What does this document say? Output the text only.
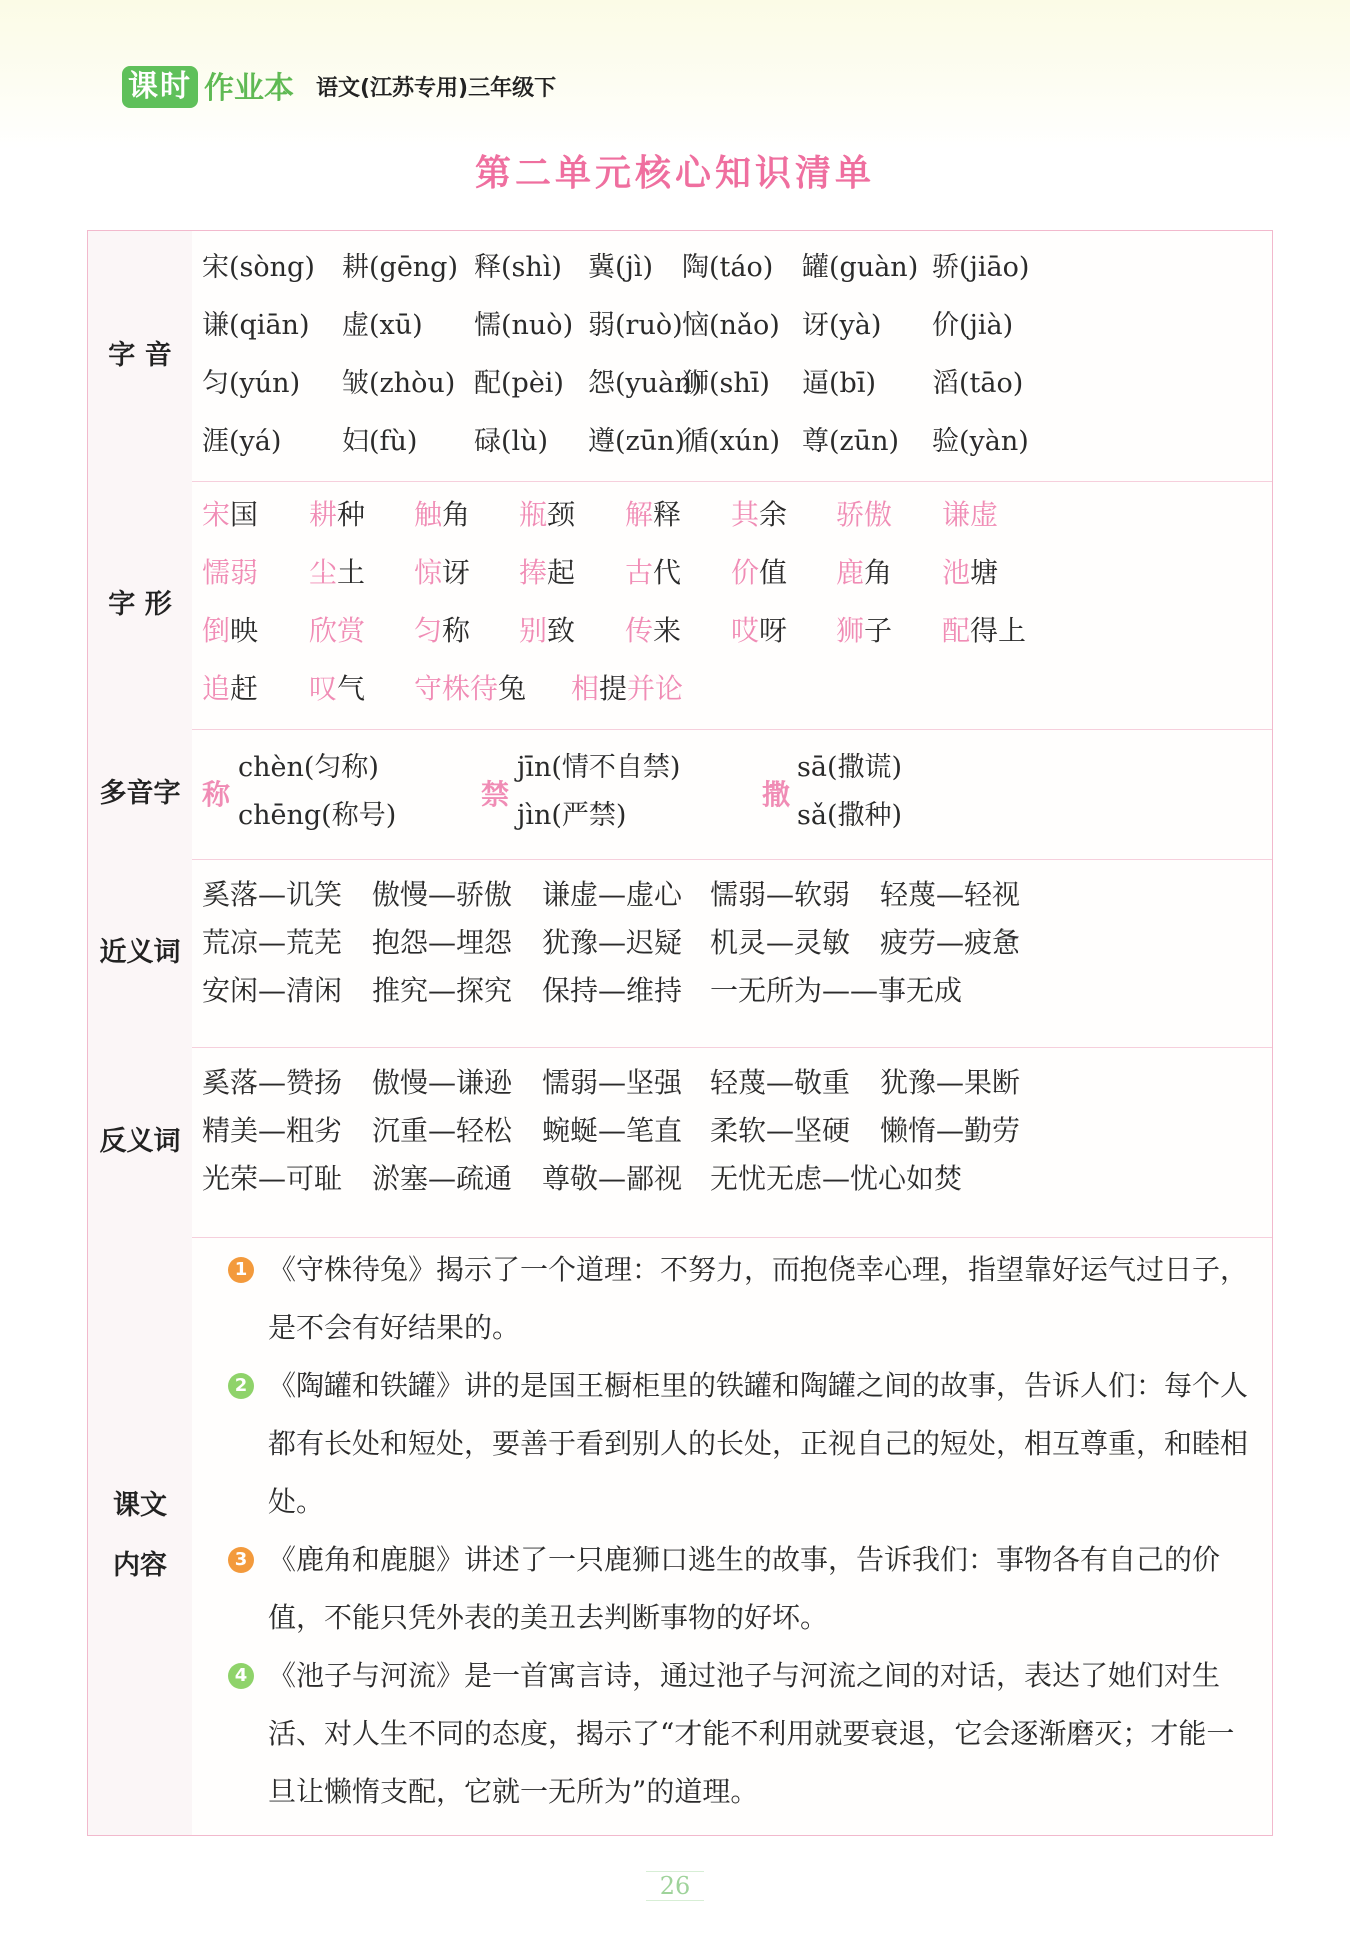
课时 作业本 语文(江苏专用)三年级下
第二单元核心知识清单
字 音
宋(sòng) 耕(gēng) 释(shì) 冀(jì) 陶(táo) 罐(guàn) 骄(jiāo)
谦(qiān) 虚(xū) 懦(nuò) 弱(ruò) 恼(nǎo) 讶(yà) 价(jià)
匀(yún) 皱(zhòu) 配(pèi) 怨(yuàn)
狮(shī) 逼(bī) 滔(tāo)
涯(yá) 妇(fù) 碌(lù) 遵(zūn)
循(xún) 尊(zūn) 验(yàn)
字 形
宋国 耕种 触角 瓶颈 解释 其余 骄傲 谦虚
懦弱 尘土 惊讶 捧起 古代 价值 鹿角 池塘
倒映 欣赏 匀称 别致 传来 哎呀 狮子 配得上
追赶 叹气 守株待兔 相提并论
多音字 称
chèn(匀称)
chēng(称号)
禁
jīn(情不自禁)
jìn(严禁)
撒
sā(撒谎)
sǎ(撒种)
近义词
奚落—讥笑 傲慢—骄傲 谦虚—虚心 懦弱—软弱 轻蔑—轻视
荒凉—荒芜 抱怨—埋怨 犹豫—迟疑 机灵—灵敏 疲劳—疲惫
安闲—清闲 推究—探究 保持—维持 一无所为——事无成
反义词
奚落—赞扬 傲慢—谦逊 懦弱—坚强 轻蔑—敬重 犹豫—果断
精美—粗劣 沉重—轻松 蜿蜒—笔直 柔软—坚硬 懒惰—勤劳
光荣—可耻 淤塞—疏通 尊敬—鄙视 无忧无虑—忧心如焚
课文
内容
1 《守株待兔》揭示了一个道理：不努力，而抱侥幸心理，指望靠好运气过日子，是不会有好结果的。
2 《陶罐和铁罐》讲的是国王橱柜里的铁罐和陶罐之间的故事，告诉人们：每个人都有长处和短处，要善于看到别人的长处，正视自己的短处，相互尊重，和睦相处。
3 《鹿角和鹿腿》讲述了一只鹿狮口逃生的故事，告诉我们：事物各有自己的价值，不能只凭外表的美丑去判断事物的好坏。
4 《池子与河流》是一首寓言诗，通过池子与河流之间的对话，表达了她们对生活、对人生不同的态度，揭示了“才能不利用就要衰退，它会逐渐磨灭；才能一旦让懒惰支配，它就一无所为”的道理。
26
